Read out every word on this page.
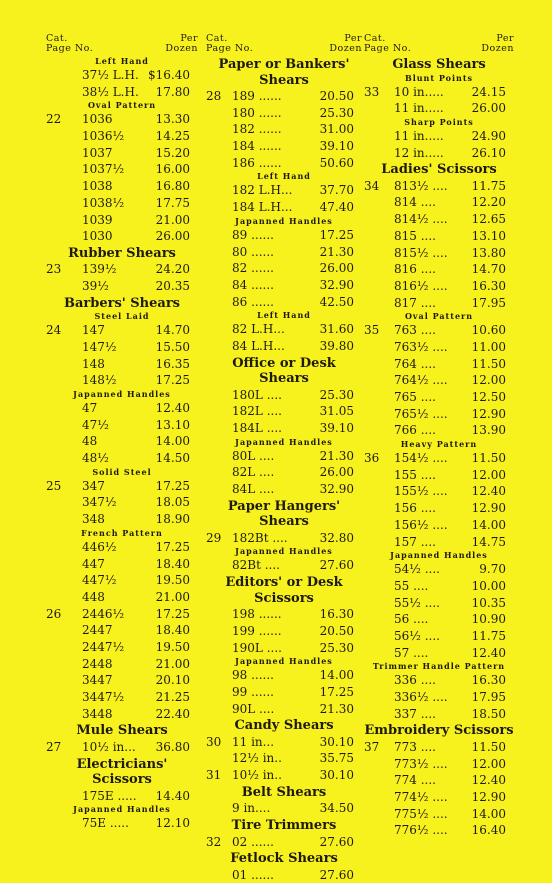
Cat.
Page No.
Per
Dozen
Left Hand
37½ L.H. $16.40
38½ L.H. 17.80
Oval Pattern
22 1036	13.30
1036½	14.25
1037	15.20
1037½	16.00
1038	16.80
1038½	17.75
1039	21.00
1030	26.00
Rubber Shears
23 139½	24.20
39½	20.35
Barbers' Shears
Steel Laid
24 147	14.70
147½	15.50
148	16.35
148½	17.25
Japanned Handles
47	12.40
47½	13.10
48	14.00
48½	14.50
Solid Steel
25 347	17.25
347½	18.05
348	18.90
French Pattern
446½	17.25
447	18.40
447½	19.50
448	21.00
26 2446½	17.25
2447	18.40
2447½	19.50
2448	21.00
3447	20.10
3447½	21.25
3448	22.40
Mule Shears
27 10½ in... 36.80
Electricians' Scissors
175E ..... 14.40
Japanned Handles
75E ..... 12.10
Cat.
Page No.
Per
Dozen
Paper or Bankers' Shears
28 189 ......	20.50
180 ......	25.30
182 ......	31.00
184 ......	39.10
186 ......	50.60
Left Hand
182 L.H... 37.70
184 L.H... 47.40
Japanned Handles
89 ......	17.25
80 ......	21.30
82 ......	26.00
84 ......	32.90
86 ......	42.50
Left Hand
82 L.H...	31.60
84 L.H...	39.80
Office or Desk Shears
180L ....	25.30
182L ....	31.05
184L ....	39.10
Japanned Handles
80L ....	21.30
82L ....	26.00
84L ....	32.90
Paper Hangers' Shears
29 182Bt ....	32.80
Japanned Handles
82Bt ....	27.60
Editors' or Desk Scissors
198 ......	16.30
199 ......	20.50
190L ....	25.30
Japanned Handles
98 ......	14.00
99 ......	17.25
90L ....	21.30
Candy Shears
30 11 in...	30.10
12½ in..	35.75
31 10½ in..	30.10
Belt Shears
9 in....	34.50
Tire Trimmers
32 02 ......	27.60
Fetlock Shears
01 ......	27.60
Cat.
Page No.
Per
Dozen
Glass Shears
Blunt Points
33 10 in..... 24.15
11 in..... 26.00
Sharp Points
11 in..... 24.90
12 in..... 26.10
Ladies' Scissors
34 813½ .... 11.75
814 ....	12.20
814½ .... 12.65
815 ....	13.10
815½ .... 13.80
816 ....	14.70
816½ .... 16.30
817 ....	17.95
Oval Pattern
35 763 ....	10.60
763½ .... 11.00
764 ....	11.50
764½ .... 12.00
765 ....	12.50
765½ .... 12.90
766 ....	13.90
Heavy Pattern
36 154½ .... 11.50
155 ....	12.00
155½ .... 12.40
156 ....	12.90
156½ .... 14.00
157 ....	14.75
Japanned Handles
54½ ....	9.70
55 ....	10.00
55½ ....	10.35
56 ....	10.90
56½ ....	11.75
57 ....	12.40
Trimmer Handle Pattern
336 ....	16.30
336½ .... 17.95
337 ....	18.50
Embroidery Scissors
37 773 ....	11.50
773½ .... 12.00
774 ....	12.40
774½ .... 12.90
775½ .... 14.00
776½ .... 16.40
